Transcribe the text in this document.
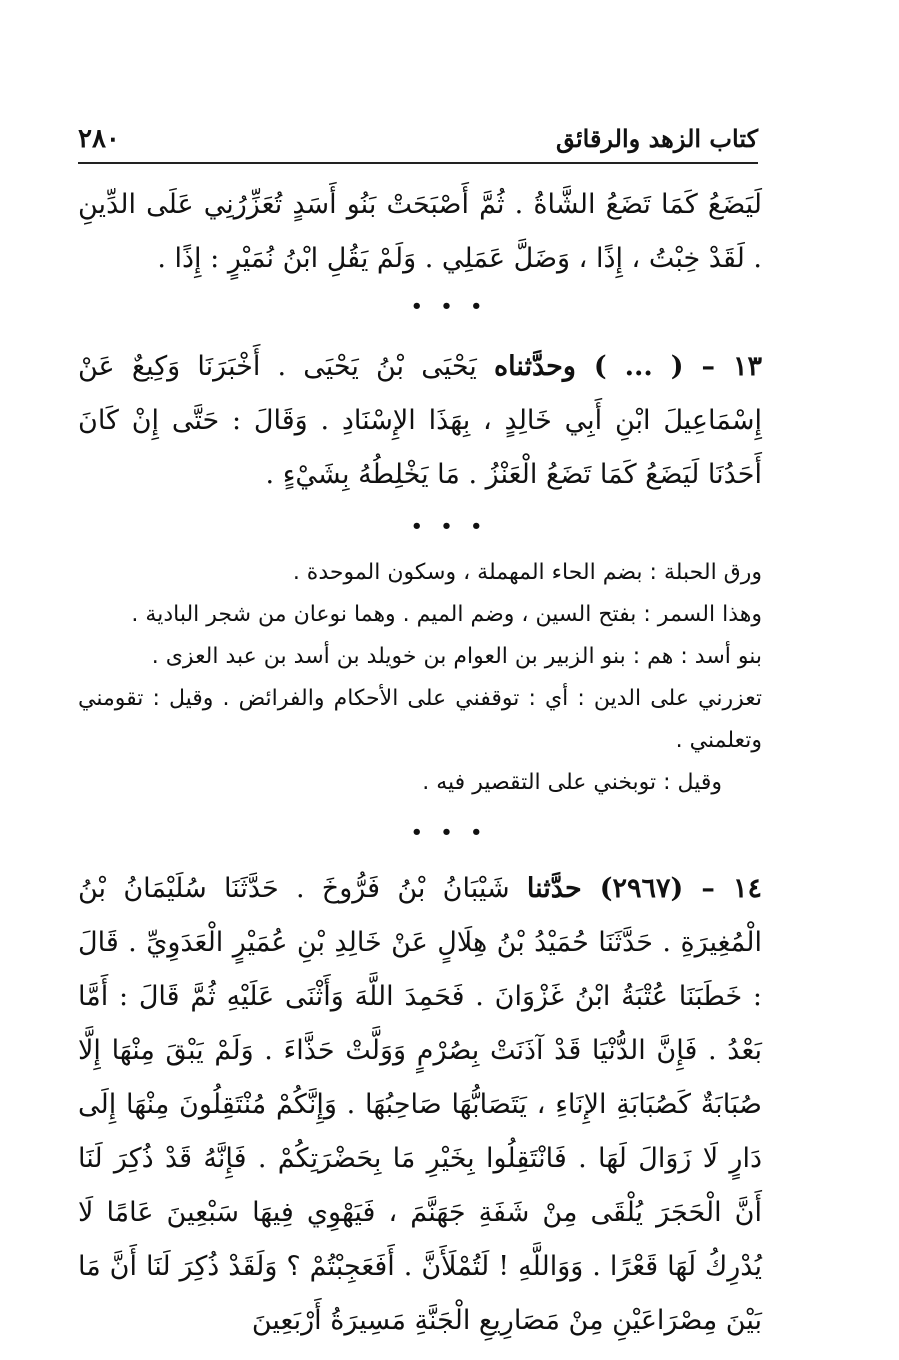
كتاب الزهد والرقائق
٢٨٠
لَيَضَعُ كَمَا تَضَعُ الشَّاةُ . ثُمَّ أَصْبَحَتْ بَنُو أَسَدٍ تُعَزِّرُنِي عَلَى الدِّينِ . لَقَدْ خِبْتُ ، إِذًا ، وَضَلَّ عَمَلِي . وَلَمْ يَقُلِ ابْنُ نُمَيْرٍ : إِذًا .
• • •
١٣ – ( ... ) وحدَّثناه يَحْيَى بْنُ يَحْيَى . أَخْبَرَنَا وَكِيعٌ عَنْ إِسْمَاعِيلَ ابْنِ أَبِي خَالِدٍ ، بِهَذَا الإِسْنَادِ . وَقَالَ : حَتَّى إِنْ كَانَ أَحَدُنَا لَيَضَعُ كَمَا تَضَعُ الْعَنْزُ . مَا يَخْلِطُهُ بِشَيْءٍ .
• • •
ورق الحبلة : بضم الحاء المهملة ، وسكون الموحدة .
وهذا السمر : بفتح السين ، وضم الميم . وهما نوعان من شجر البادية .
بنو أسد : هم : بنو الزبير بن العوام بن خويلد بن أسد بن عبد العزى .
تعزرني على الدين : أي : توقفني على الأحكام والفرائض . وقيل : تقومني وتعلمني .
وقيل : توبخني على التقصير فيه .
• • •
١٤ – (٢٩٦٧) حدَّثنا شَيْبَانُ بْنُ فَرُّوخَ . حَدَّثَنَا سُلَيْمَانُ بْنُ الْمُغِيرَةِ . حَدَّثَنَا حُمَيْدُ بْنُ هِلَالٍ عَنْ خَالِدِ بْنِ عُمَيْرٍ الْعَدَوِيِّ . قَالَ : خَطَبَنَا عُتْبَةُ ابْنُ غَزْوَانَ . فَحَمِدَ اللَّهَ وَأَثْنَى عَلَيْهِ ثُمَّ قَالَ : أَمَّا بَعْدُ . فَإِنَّ الدُّنْيَا قَدْ آذَنَتْ بِصُرْمٍ وَوَلَّتْ حَذَّاءَ . وَلَمْ يَبْقَ مِنْهَا إِلَّا صُبَابَةٌ كَصُبَابَةِ الإِنَاءِ ، يَتَصَابُّهَا صَاحِبُهَا . وَإِنَّكُمْ مُنْتَقِلُونَ مِنْهَا إِلَى دَارٍ لَا زَوَالَ لَهَا . فَانْتَقِلُوا بِخَيْرِ مَا بِحَضْرَتِكُمْ . فَإِنَّهُ قَدْ ذُكِرَ لَنَا أَنَّ الْحَجَرَ يُلْقَى مِنْ شَفَةِ جَهَنَّمَ ، فَيَهْوِي فِيهَا سَبْعِينَ عَامًا لَا يُدْرِكُ لَهَا قَعْرًا . وَوَاللَّهِ ! لَتُمْلَأَنَّ . أَفَعَجِبْتُمْ ؟ وَلَقَدْ ذُكِرَ لَنَا أَنَّ مَا بَيْنَ مِصْرَاعَيْنِ مِنْ مَصَارِيعِ الْجَنَّةِ مَسِيرَةُ أَرْبَعِينَ
